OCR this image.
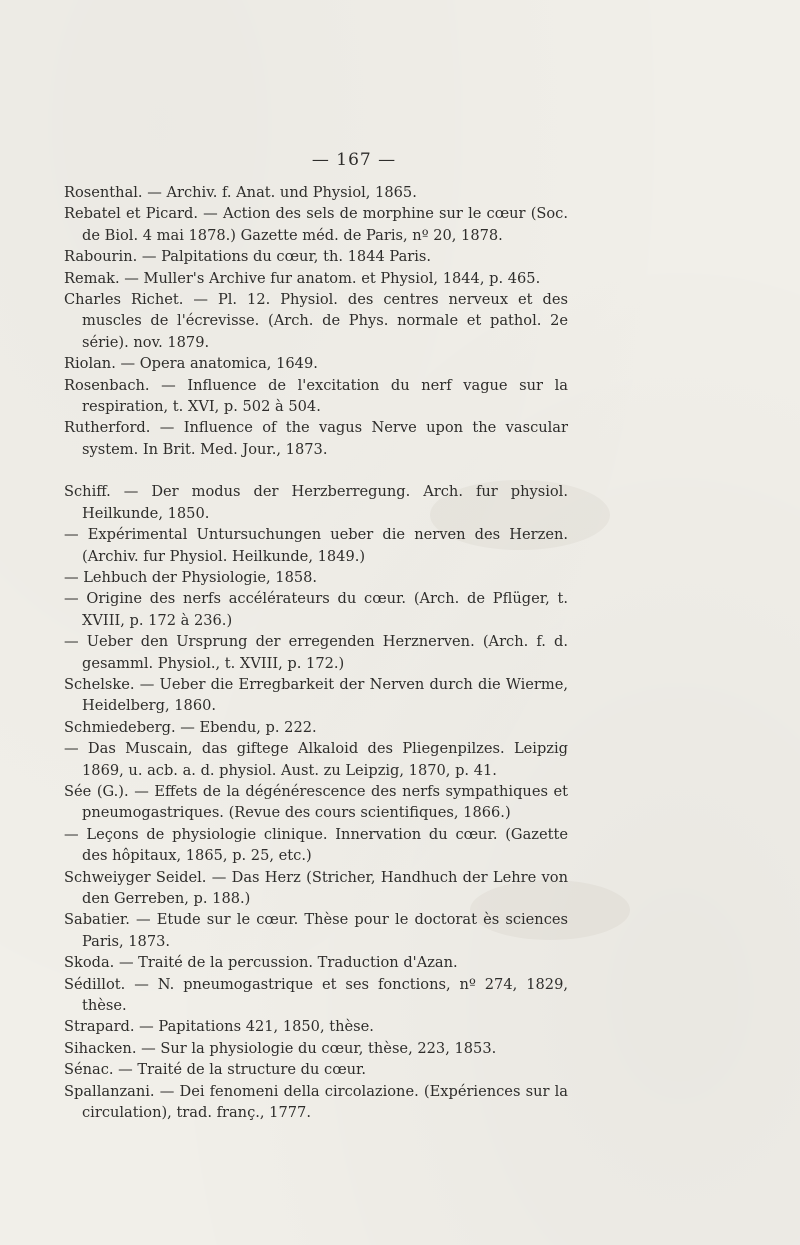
— 167 —
Rosenthal. — Archiv. f. Anat. und Physiol, 1865.
Rebatel et Picard. — Action des sels de morphine sur le cœur (Soc. de Biol. 4 mai 1878.) Gazette méd. de Paris, nº 20, 1878.
Rabourin. — Palpitations du cœur, th. 1844 Paris.
Remak. — Muller's Archive fur anatom. et Physiol, 1844, p. 465.
Charles Richet. — Pl. 12. Physiol. des centres nerveux et des muscles de l'écrevisse. (Arch. de Phys. normale et pathol. 2e série). nov. 1879.
Riolan. — Opera anatomica, 1649.
Rosenbach. — Influence de l'excitation du nerf vague sur la respiration, t. XVI, p. 502 à 504.
Rutherford. — Influence of the vagus Nerve upon the vascular system. In Brit. Med. Jour., 1873.
Schiff. — Der modus der Herzberregung. Arch. fur physiol. Heilkunde, 1850.
— Expérimental Untursuchungen ueber die nerven des Herzen. (Archiv. fur Physiol. Heilkunde, 1849.)
— Lehbuch der Physiologie, 1858.
— Origine des nerfs accélérateurs du cœur. (Arch. de Pflüger, t. XVIII, p. 172 à 236.)
— Ueber den Ursprung der erregenden Herznerven. (Arch. f. d. gesamml. Physiol., t. XVIII, p. 172.)
Schelske. — Ueber die Erregbarkeit der Nerven durch die Wierme, Heidelberg, 1860.
Schmiedeberg. — Ebendu, p. 222.
— Das Muscain, das giftege Alkaloid des Pliegenpilzes. Leipzig 1869, u. acb. a. d. physiol. Aust. zu Leipzig, 1870, p. 41.
Sée (G.). — Effets de la dégénérescence des nerfs sympathiques et pneumogastriques. (Revue des cours scientifiques, 1866.)
— Leçons de physiologie clinique. Innervation du cœur. (Gazette des hôpitaux, 1865, p. 25, etc.)
Schweiyger Seidel. — Das Herz (Stricher, Handhuch der Lehre von den Gerreben, p. 188.)
Sabatier. — Etude sur le cœur. Thèse pour le doctorat ès sciences Paris, 1873.
Skoda. — Traité de la percussion. Traduction d'Azan.
Sédillot. — N. pneumogastrique et ses fonctions, nº 274, 1829, thèse.
Strapard. — Papitations 421, 1850, thèse.
Sihacken. — Sur la physiologie du cœur, thèse, 223, 1853.
Sénac. — Traité de la structure du cœur.
Spallanzani. — Dei fenomeni della circolazione. (Expériences sur la circulation), trad. franç., 1777.
